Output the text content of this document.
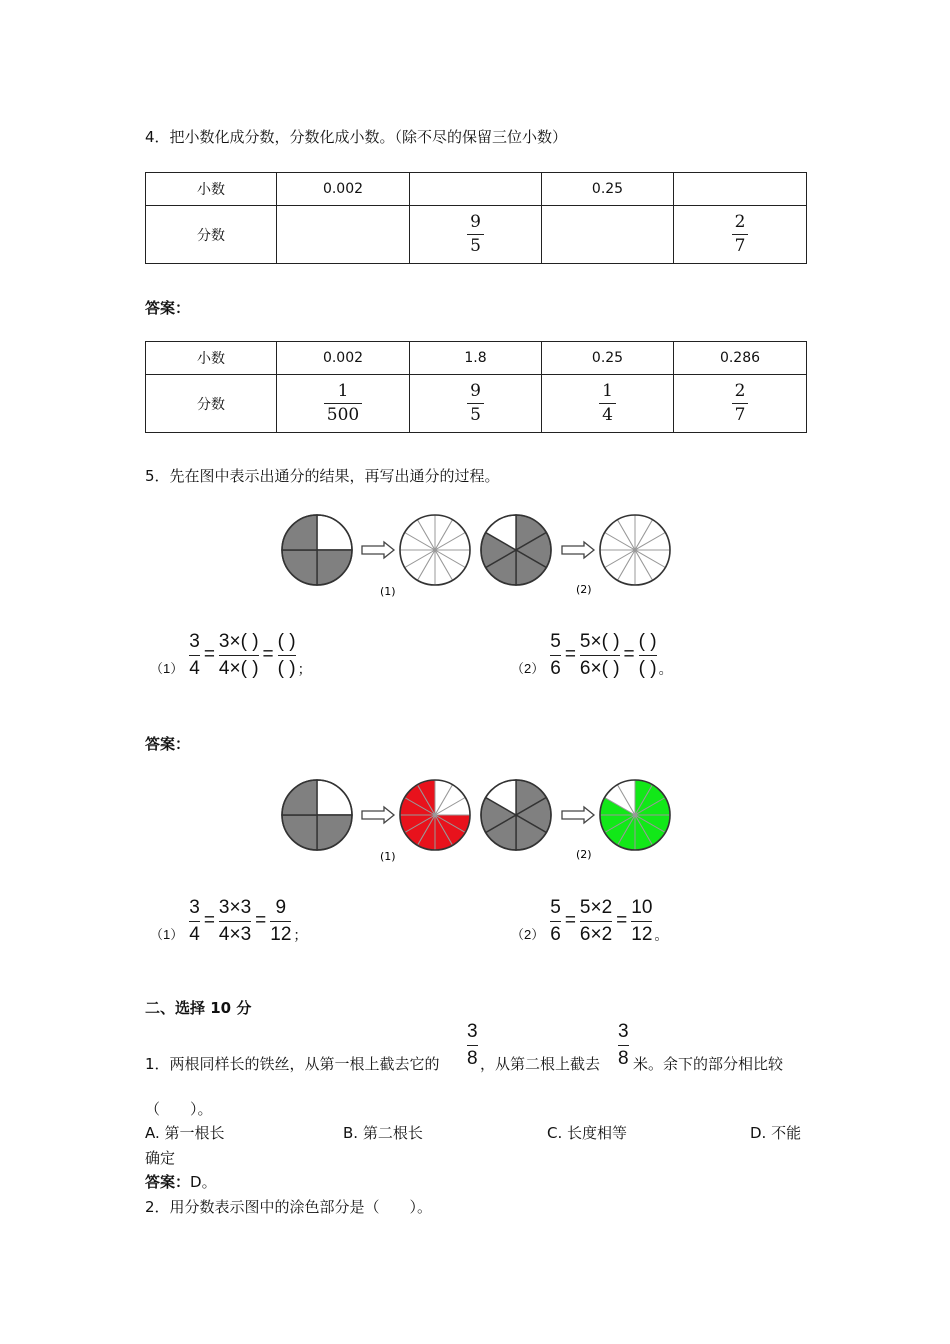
4．把小数化成分数，分数化成小数。（除不尽的保留三位小数）
小数	0.002		0.25	
分数		$\frac{9}{5}$		$\frac{2}{7}$
答案：
小数	0.002	1.8	0.25	0.286
分数	$\frac{1}{500}$	$\frac{9}{5}$	$\frac{1}{4}$	$\frac{2}{7}$
5．先在图中表示出通分的结果，再写出通分的过程。
(1)	(2)
（1）
3
4
=
3×( )
4×( )
=
( )
( ) ；	（2）
5
6
=
5×( )
6×( )
=
( )
( ) 。
答案：
(1)	(2)
（1）
3
4
=
3×3
4×3
=
9
12 ；	（2）
5
6
=
5×2
6×2
=
10
12 。
二、选择 10 分
1．两根同样长的铁丝，从第一根上截去它的
3
8 ，从第二根上截去
3
8 米。余下的部分相比较
（　　）。
A. 第一根长	B. 第二根长	C. 长度相等	D. 不能
确定
答案：D。
2．用分数表示图中的涂色部分是（　　）。
